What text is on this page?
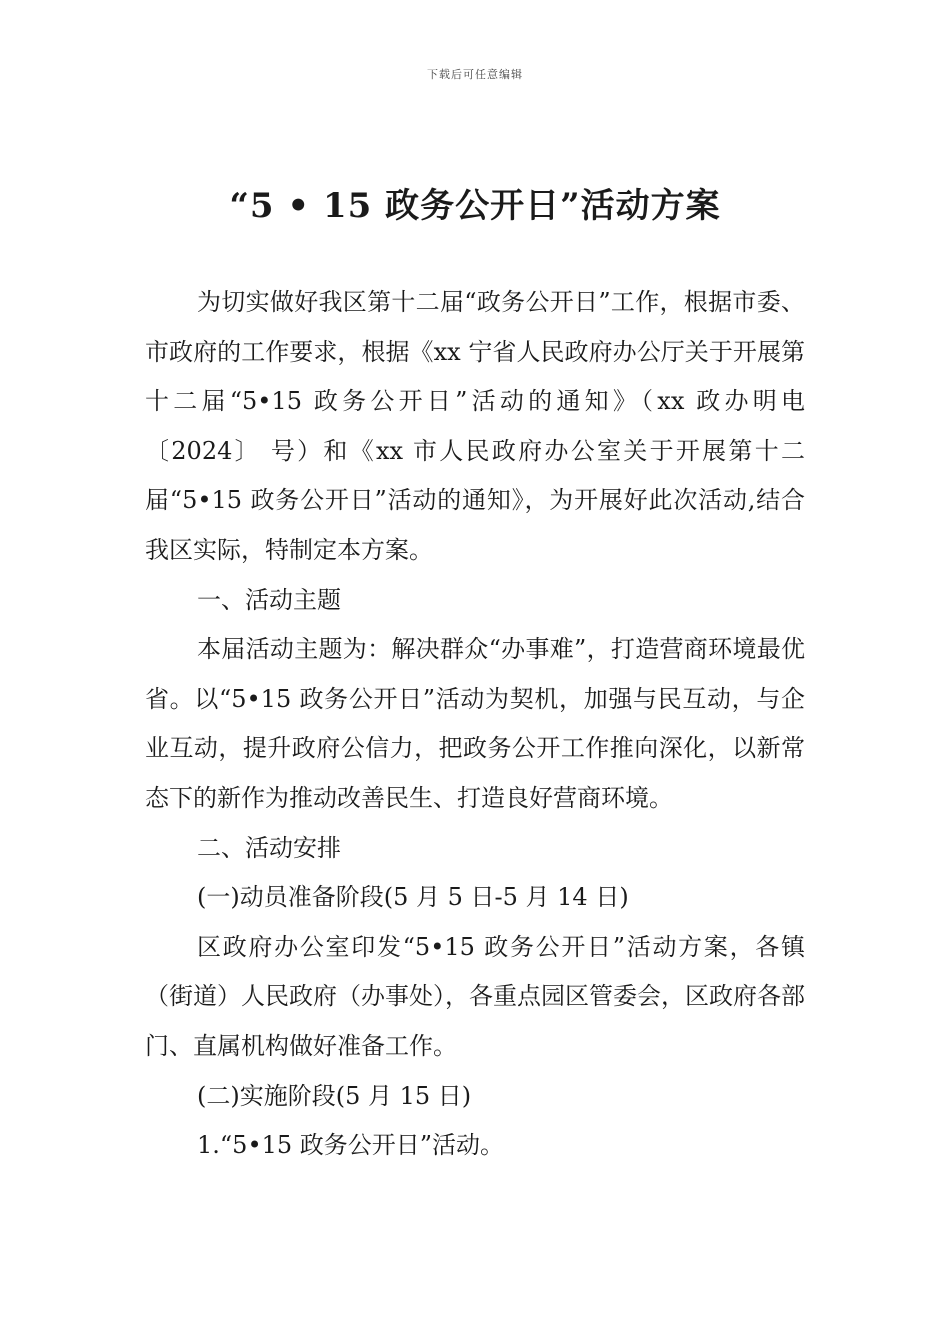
下载后可任意编辑
“5 • 15 政务公开日”活动方案

为切实做好我区第十二届“政务公开日”工作，根据市委、市政府的工作要求，根据《xx 宁省人民政府办公厅关于开展第十二届“5•15 政务公开日”活动的通知》（xx 政办明电〔2024〕 号）和《xx 市人民政府办公室关于开展第十二届“5•15 政务公开日”活动的通知》，为开展好此次活动,结合我区实际，特制定本方案。

一、活动主题

本届活动主题为：解决群众“办事难”，打造营商环境最优省。以“5•15 政务公开日”活动为契机，加强与民互动，与企业互动，提升政府公信力，把政务公开工作推向深化，以新常态下的新作为推动改善民生、打造良好营商环境。

二、活动安排

(一)动员准备阶段(5 月 5 日-5 月 14 日)

区政府办公室印发“5•15 政务公开日”活动方案，各镇（街道）人民政府（办事处），各重点园区管委会，区政府各部门、直属机构做好准备工作。

(二)实施阶段(5 月 15 日)

1.“5•15 政务公开日”活动。
